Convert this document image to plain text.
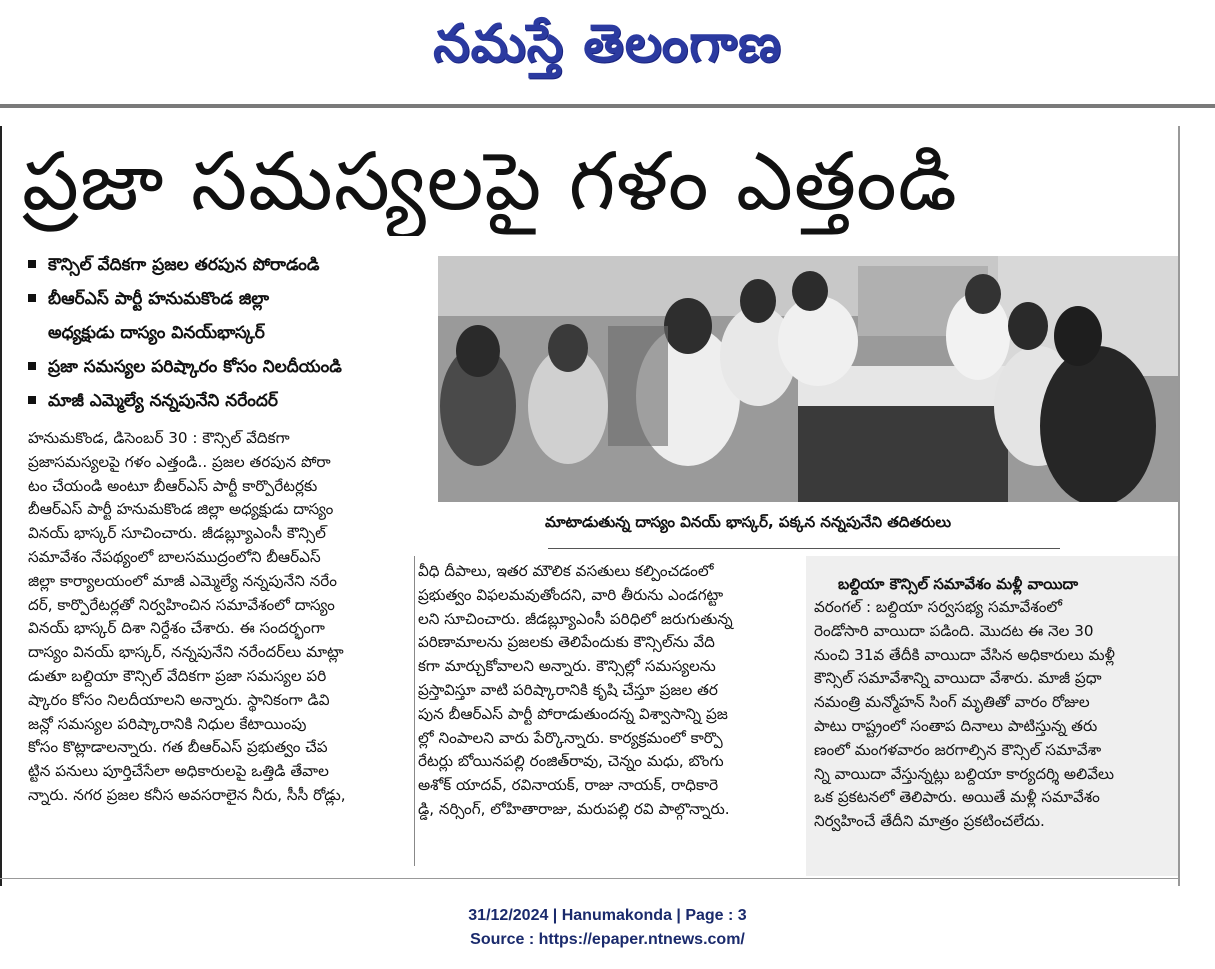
నమస్తే తెలంగాణ
ప్రజా సమస్యలపై గళం ఎత్తండి
కౌన్సిల్ వేదికగా ప్రజల తరపున పోరాడండి
బీఆర్ఎస్ పార్టీ హనుమకొండ జిల్లా
అధ్యక్షుడు దాస్యం వినయ్‌భాస్కర్
ప్రజా సమస్యల పరిష్కారం కోసం నిలదీయండి
మాజీ ఎమ్మెల్యే నన్నపునేని నరేందర్
మాటాడుతున్న దాస్యం వినయ్ భాస్కర్, పక్కన నన్నపునేని తదితరులు
హనుమకొండ, డిసెంబర్ 30 : కౌన్సిల్ వేదికగా
ప్రజాసమస్యలపై గళం ఎత్తండి.. ప్రజల తరపున పోరా
టం చేయండి అంటూ బీఆర్ఎస్ పార్టీ కార్పొరేటర్లకు
బీఆర్ఎస్ పార్టీ హనుమకొండ జిల్లా అధ్యక్షుడు దాస్యం
వినయ్ భాస్కర్ సూచించారు. జీడబ్ల్యూఎంసీ కౌన్సిల్
సమావేశం నేపథ్యంలో బాలసముద్రంలోని బీఆర్ఎస్
జిల్లా కార్యాలయంలో మాజీ ఎమ్మెల్యే నన్నపునేని నరేం
దర్, కార్పొరేటర్లతో నిర్వహించిన సమావేశంలో దాస్యం
వినయ్ భాస్కర్ దిశా నిర్దేశం చేశారు. ఈ సందర్భంగా
దాస్యం వినయ్ భాస్కర్, నన్నపునేని నరేందర్‌లు మాట్లా
డుతూ బల్దియా కౌన్సిల్ వేదికగా ప్రజా సమస్యల పరి
ష్కారం కోసం నిలదీయాలని అన్నారు. స్థానికంగా డివి
జన్లో సమస్యల పరిష్కారానికి నిధుల కేటాయింపు
కోసం కొట్లాడాలన్నారు. గత బీఆర్ఎస్ ప్రభుత్వం చేప
ట్టిన పనులు పూర్తిచేసేలా అధికారులపై ఒత్తిడి తేవాల
న్నారు. నగర ప్రజల కనీస అవసరాలైన నీరు, సీసీ రోడ్లు,
వీధి దీపాలు, ఇతర మౌలిక వసతులు కల్పించడంలో
ప్రభుత్వం విఫలమవుతోందని, వారి తీరును ఎండగట్టా
లని సూచించారు. జీడబ్ల్యూఎంసీ పరిధిలో జరుగుతున్న
పరిణామాలను ప్రజలకు తెలిపేందుకు కౌన్సిల్‌ను వేది
కగా మార్చుకోవాలని అన్నారు. కౌన్సిల్లో సమస్యలను
ప్రస్తావిస్తూ వాటి పరిష్కారానికి కృషి చేస్తూ ప్రజల తర
పున బీఆర్ఎస్ పార్టీ పోరాడుతుందన్న విశ్వాసాన్ని ప్రజ
ల్లో నింపాలని వారు పేర్కొన్నారు. కార్యక్రమంలో కార్పొ
రేటర్లు బోయినపల్లి రంజిత్‌రావు, చెన్నం మధు, బొంగు
అశోక్ యాదవ్, రవినాయక్, రాజు నాయక్, రాధికారె
డ్డి, నర్సింగ్, లోహితారాజు, మరుపల్లి రవి పాల్గొన్నారు.
బల్దియా కౌన్సిల్ సమావేశం మళ్లీ వాయిదా
వరంగల్ : బల్దియా సర్వసభ్య సమావేశంలో
రెండోసారి వాయిదా పడింది. మొదట ఈ నెల 30
నుంచి 31వ తేదీకి వాయిదా వేసిన అధికారులు మళ్లీ
కౌన్సిల్ సమావేశాన్ని వాయిదా వేశారు. మాజీ ప్రధా
నమంత్రి మన్మోహన్ సింగ్ మృతితో వారం రోజుల
పాటు రాష్ట్రంలో సంతాప దినాలు పాటిస్తున్న తరు
ణంలో మంగళవారం జరగాల్సిన కౌన్సిల్ సమావేశా
న్ని వాయిదా వేస్తున్నట్లు బల్దియా కార్యదర్శి అలివేలు
ఒక ప్రకటనలో తెలిపారు. అయితే మళ్లీ సమావేశం
నిర్వహించే తేదీని మాత్రం ప్రకటించలేదు.
31/12/2024 | Hanumakonda | Page : 3
Source : https://epaper.ntnews.com/
